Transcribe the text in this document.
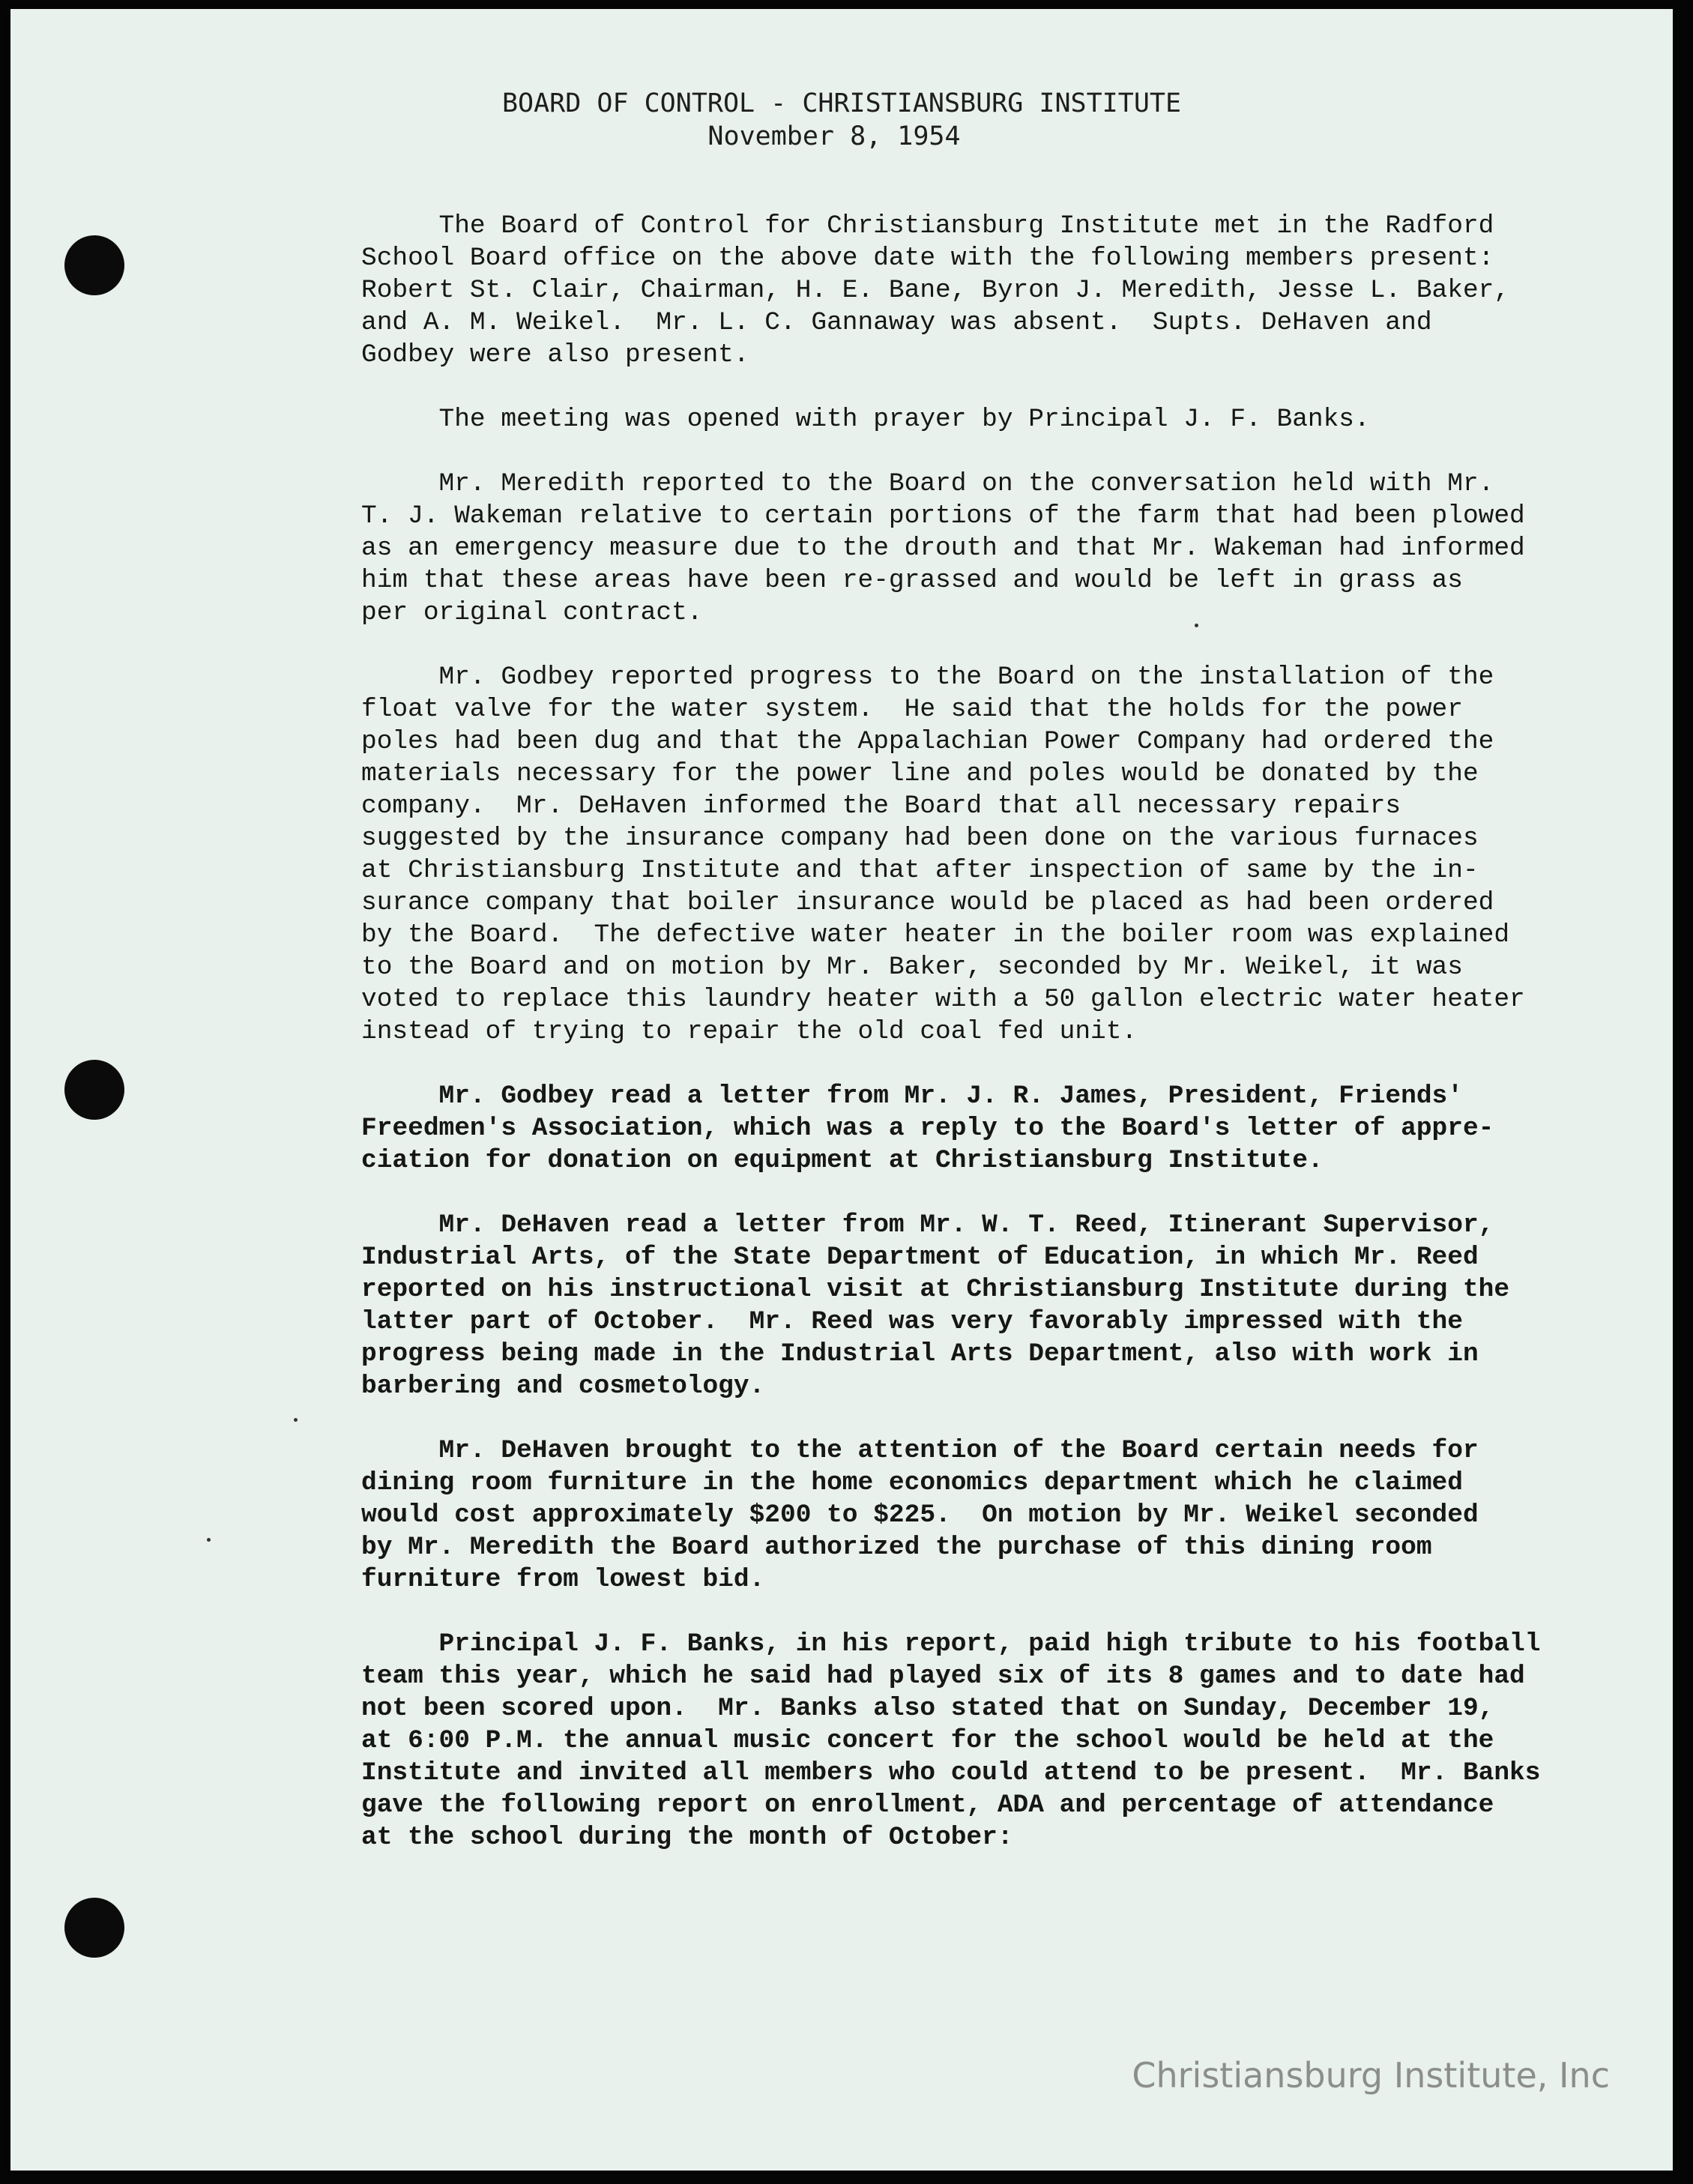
BOARD OF CONTROL - CHRISTIANSBURG INSTITUTE
November 8, 1954
The Board of Control for Christiansburg Institute met in the Radford
School Board office on the above date with the following members present:
Robert St. Clair, Chairman, H. E. Bane, Byron J. Meredith, Jesse L. Baker,
and A. M. Weikel.  Mr. L. C. Gannaway was absent.  Supts. DeHaven and
Godbey were also present.
The meeting was opened with prayer by Principal J. F. Banks.
Mr. Meredith reported to the Board on the conversation held with Mr.
T. J. Wakeman relative to certain portions of the farm that had been plowed
as an emergency measure due to the drouth and that Mr. Wakeman had informed
him that these areas have been re-grassed and would be left in grass as
per original contract.
Mr. Godbey reported progress to the Board on the installation of the
float valve for the water system.  He said that the holds for the power
poles had been dug and that the Appalachian Power Company had ordered the
materials necessary for the power line and poles would be donated by the
company.  Mr. DeHaven informed the Board that all necessary repairs
suggested by the insurance company had been done on the various furnaces
at Christiansburg Institute and that after inspection of same by the in-
surance company that boiler insurance would be placed as had been ordered
by the Board.  The defective water heater in the boiler room was explained
to the Board and on motion by Mr. Baker, seconded by Mr. Weikel, it was
voted to replace this laundry heater with a 50 gallon electric water heater
instead of trying to repair the old coal fed unit.
Mr. Godbey read a letter from Mr. J. R. James, President, Friends'
Freedmen's Association, which was a reply to the Board's letter of appre-
ciation for donation on equipment at Christiansburg Institute.
Mr. DeHaven read a letter from Mr. W. T. Reed, Itinerant Supervisor,
Industrial Arts, of the State Department of Education, in which Mr. Reed
reported on his instructional visit at Christiansburg Institute during the
latter part of October.  Mr. Reed was very favorably impressed with the
progress being made in the Industrial Arts Department, also with work in
barbering and cosmetology.
Mr. DeHaven brought to the attention of the Board certain needs for
dining room furniture in the home economics department which he claimed
would cost approximately $200 to $225.  On motion by Mr. Weikel seconded
by Mr. Meredith the Board authorized the purchase of this dining room
furniture from lowest bid.
Principal J. F. Banks, in his report, paid high tribute to his football
team this year, which he said had played six of its 8 games and to date had
not been scored upon.  Mr. Banks also stated that on Sunday, December 19,
at 6:00 P.M. the annual music concert for the school would be held at the
Institute and invited all members who could attend to be present.  Mr. Banks
gave the following report on enrollment, ADA and percentage of attendance
at the school during the month of October:
Christiansburg Institute, Inc
